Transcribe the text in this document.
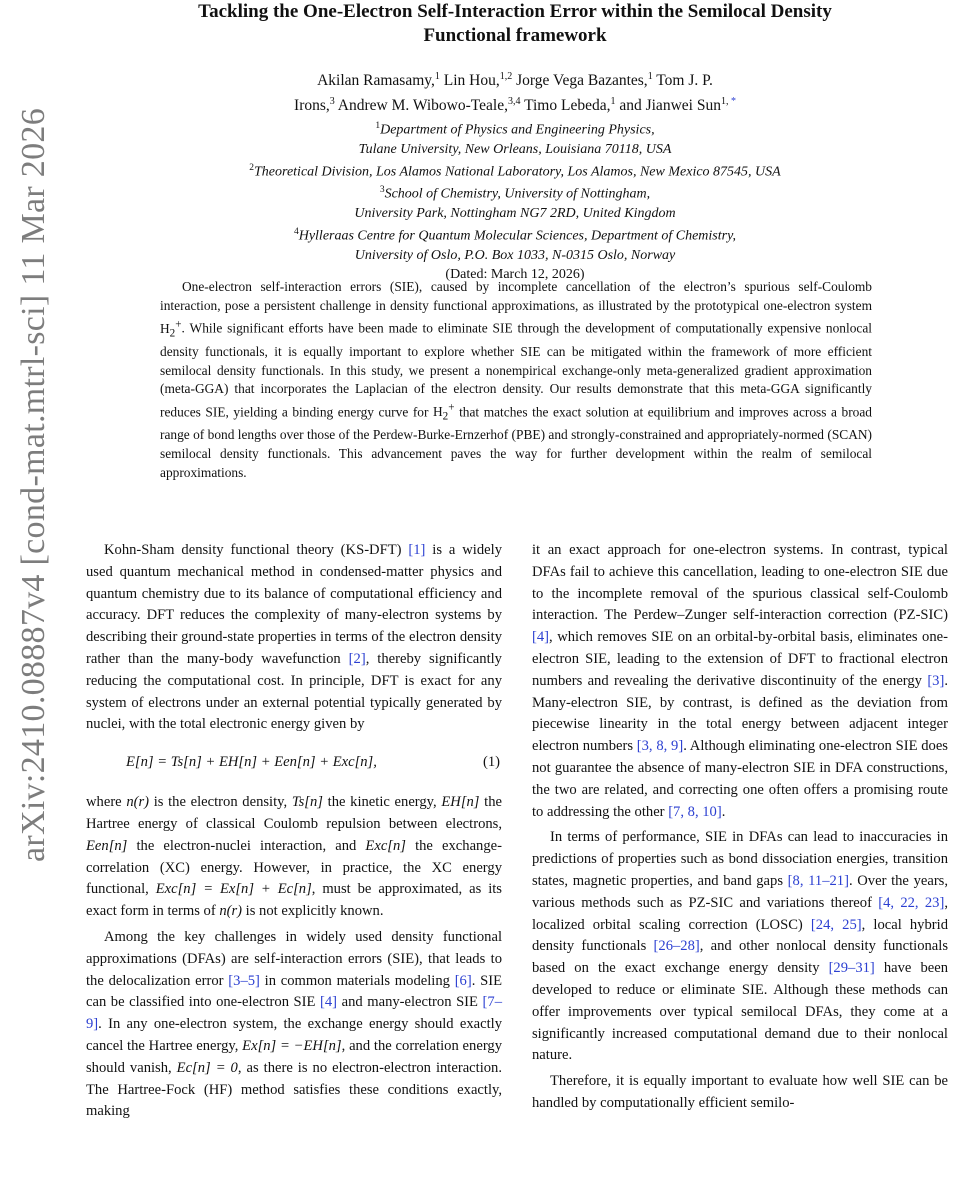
arXiv:2410.08887v4 [cond-mat.mtrl-sci] 11 Mar 2026
Tackling the One-Electron Self-Interaction Error within the Semilocal Density
Functional framework
Akilan Ramasamy,$^1$ Lin Hou,$^{1,2}$ Jorge Vega Bazantes,$^1$ Tom J. P.
Irons,$^3$ Andrew M. Wibowo-Teale,$^{3,4}$ Timo Lebeda,$^1$ and Jianwei Sun$^{1, *}$
$^1$Department of Physics and Engineering Physics,
Tulane University, New Orleans, Louisiana 70118, USA
$^2$Theoretical Division, Los Alamos National Laboratory, Los Alamos, New Mexico 87545, USA
$^3$School of Chemistry, University of Nottingham,
University Park, Nottingham NG7 2RD, United Kingdom
$^4$Hylleraas Centre for Quantum Molecular Sciences, Department of Chemistry,
University of Oslo, P.O. Box 1033, N-0315 Oslo, Norway
(Dated: March 12, 2026)

One-electron self-interaction errors (SIE), caused by incomplete cancellation of the electron’s spurious self-Coulomb interaction, pose a persistent challenge in density functional approximations, as illustrated by the prototypical one-electron system $H_2^+$. While significant efforts have been made to eliminate SIE through the development of computationally expensive nonlocal density functionals, it is equally important to explore whether SIE can be mitigated within the framework of more efficient semilocal density functionals. In this study, we present a nonempirical exchange-only meta-generalized gradient approximation (meta-GGA) that incorporates the Laplacian of the electron density. Our results demonstrate that this meta-GGA significantly reduces SIE, yielding a binding energy curve for $H_2^+$ that matches the exact solution at equilibrium and improves across a broad range of bond lengths over those of the Perdew-Burke-Ernzerhof (PBE) and strongly-constrained and appropriately-normed (SCAN) semilocal density functionals. This advancement paves the way for further development within the realm of semilocal approximations.

Kohn-Sham density functional theory (KS-DFT) [1] is a widely used quantum mechanical method in condensed-matter physics and quantum chemistry due to its balance of computational efficiency and accuracy. DFT reduces the complexity of many-electron systems by describing their ground-state properties in terms of the electron density rather than the many-body wavefunction [2], thereby significantly reducing the computational cost. In principle, DFT is exact for any system of electrons under an external potential typically generated by nuclei, with the total electronic energy given by

E[n] = Ts[n] + EH[n] + Een[n] + Exc[n],	(1)

where n(r) is the electron density, Ts[n] the kinetic energy, EH[n] the Hartree energy of classical Coulomb repulsion between electrons, Een[n] the electron-nuclei interaction, and Exc[n] the exchange-correlation (XC) energy. However, in practice, the XC energy functional, Exc[n] = Ex[n] + Ec[n], must be approximated, as its exact form in terms of n(r) is not explicitly known.

Among the key challenges in widely used density functional approximations (DFAs) are self-interaction errors (SIE), that leads to the delocalization error [3–5] in common materials modeling [6]. SIE can be classified into one-electron SIE [4] and many-electron SIE [7–9]. In any one-electron system, the exchange energy should exactly cancel the Hartree energy, Ex[n] = −EH[n], and the correlation energy should vanish, Ec[n] = 0, as there is no electron-electron interaction. The Hartree-Fock (HF) method satisfies these conditions exactly, making

it an exact approach for one-electron systems. In contrast, typical DFAs fail to achieve this cancellation, leading to one-electron SIE due to the incomplete removal of the spurious classical self-Coulomb interaction. The Perdew–Zunger self-interaction correction (PZ-SIC) [4], which removes SIE on an orbital-by-orbital basis, eliminates one-electron SIE, leading to the extension of DFT to fractional electron numbers and revealing the derivative discontinuity of the energy [3]. Many-electron SIE, by contrast, is defined as the deviation from piecewise linearity in the total energy between adjacent integer electron numbers [3, 8, 9]. Although eliminating one-electron SIE does not guarantee the absence of many-electron SIE in DFA constructions, the two are related, and correcting one often offers a promising route to addressing the other [7, 8, 10].

In terms of performance, SIE in DFAs can lead to inaccuracies in predictions of properties such as bond dissociation energies, transition states, magnetic properties, and band gaps [8, 11–21]. Over the years, various methods such as PZ-SIC and variations thereof [4, 22, 23], localized orbital scaling correction (LOSC) [24, 25], local hybrid density functionals [26–28], and other nonlocal density functionals based on the exact exchange energy density [29–31] have been developed to reduce or eliminate SIE. Although these methods can offer improvements over typical semilocal DFAs, they come at a significantly increased computational demand due to their nonlocal nature.

Therefore, it is equally important to evaluate how well SIE can be handled by computationally efficient semilo-
